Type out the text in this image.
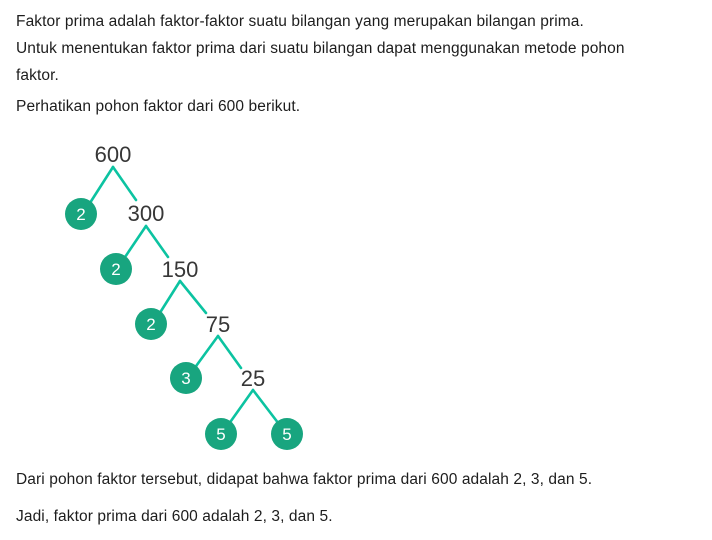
Faktor prima adalah faktor-faktor suatu bilangan yang merupakan bilangan prima.
Untuk menentukan faktor prima dari suatu bilangan dapat menggunakan metode pohon
faktor.

Perhatikan pohon faktor dari 600 berikut.

600
300
150
75
25
2
2
2
3
5	5

Dari pohon faktor tersebut, didapat bahwa faktor prima dari 600 adalah 2, 3, dan 5.

Jadi, faktor prima dari 600 adalah 2, 3, dan 5.
